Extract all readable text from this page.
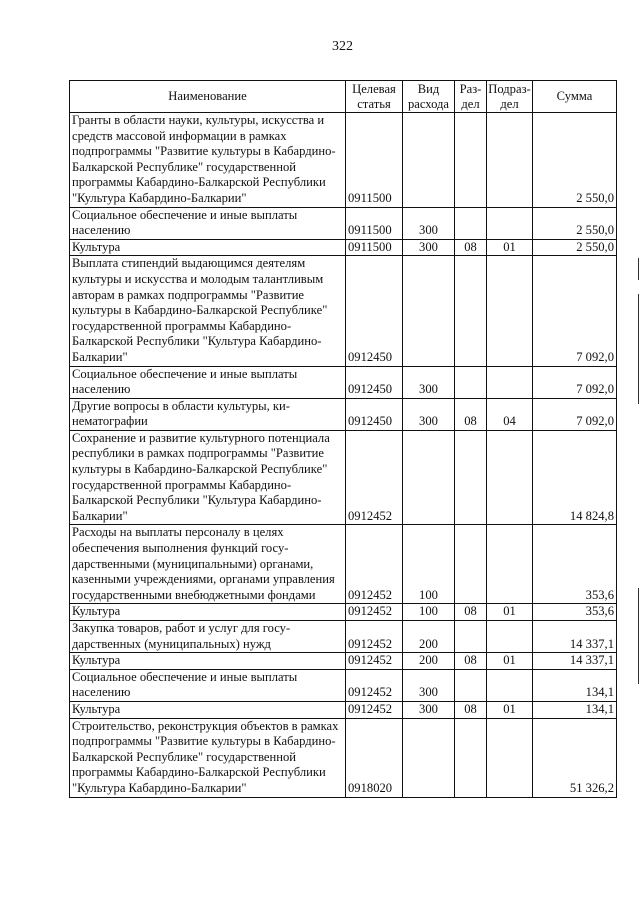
322
Наименование	Целевая статья	Вид расхода	Раз- дел	Подраз- дел	Сумма
Гранты в области науки, культуры, искусства и средств массовой информации в рамках подпрограммы "Развитие культуры в Кабардино-Балкарской Республике" государственной программы Кабардино-Балкарской Республики "Культура Кабардино-Балкарии"	0911500				2 550,0
Социальное обеспечение и иные выплаты населению	0911500	300			2 550,0
Культура	0911500	300	08	01	2 550,0
Выплата стипендий выдающимся деятелям культуры и искусства и молодым талантливым авторам в рамках подпрограммы "Развитие культуры в Кабардино-Балкарской Республике" государственной программы Кабардино-Балкарской Республики "Культура Кабардино-Балкарии"	0912450				7 092,0
Социальное обеспечение и иные выплаты населению	0912450	300			7 092,0
Другие вопросы в области культуры, кинематографии	0912450	300	08	04	7 092,0
Сохранение и развитие культурного потенциала республики в рамках подпрограммы "Развитие культуры в Кабардино-Балкарской Республике" государственной программы Кабардино-Балкарской Республики "Культура Кабардино-Балкарии"	0912452				14 824,8
Расходы на выплаты персоналу в целях обеспечения выполнения функций государственными (муниципальными) органами, казенными учреждениями, органами управления государственными внебюджетными фондами	0912452	100			353,6
Культура	0912452	100	08	01	353,6
Закупка товаров, работ и услуг для государственных (муниципальных) нужд	0912452	200			14 337,1
Культура	0912452	200	08	01	14 337,1
Социальное обеспечение и иные выплаты населению	0912452	300			134,1
Культура	0912452	300	08	01	134,1
Строительство, реконструкция объектов в рамках подпрограммы "Развитие культуры в Кабардино-Балкарской Республике" государственной программы Кабардино-Балкарской Республики "Культура Кабардино-Балкарии"	0918020				51 326,2
